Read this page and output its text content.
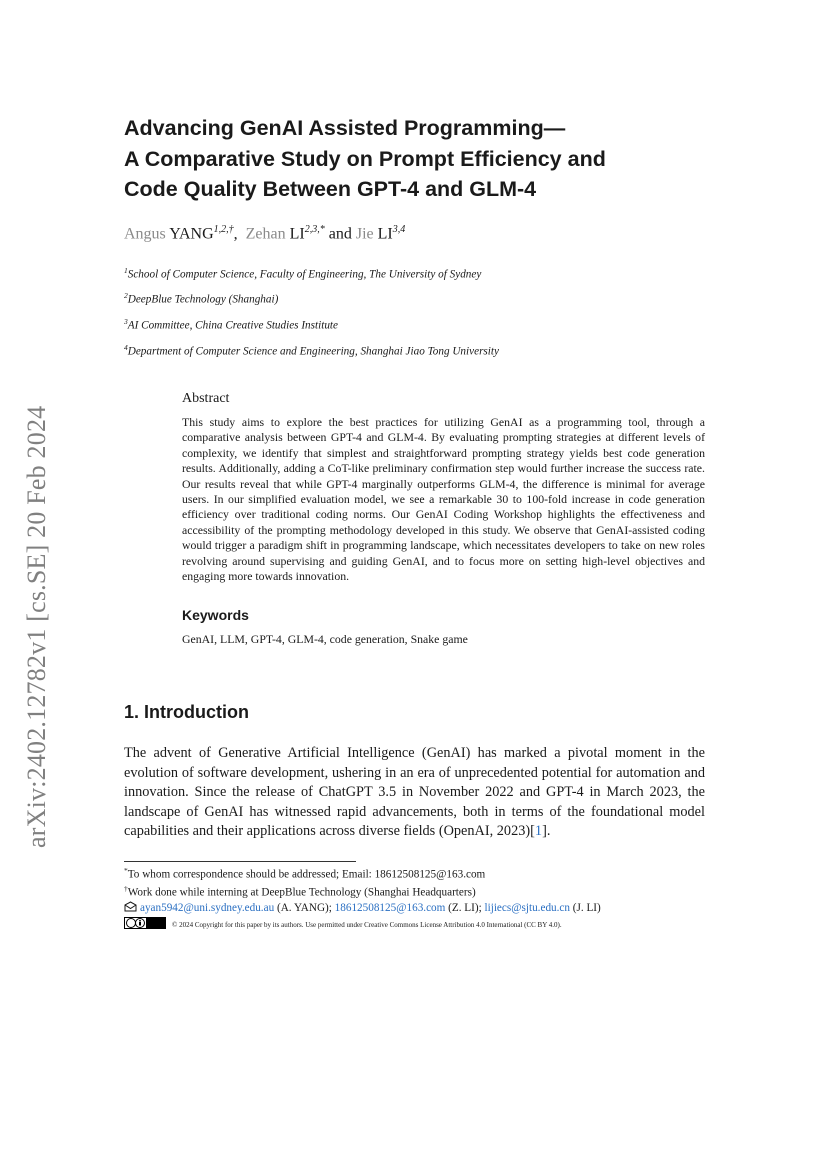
arXiv:2402.12782v1 [cs.SE] 20 Feb 2024
Advancing GenAI Assisted Programming—
A Comparative Study on Prompt Efficiency and
Code Quality Between GPT-4 and GLM-4
Angus $YANG^{1,2,\dagger}$, Zehan $LI^{2,3,*}$ and Jie LI$^{3,4}$
$^1$School of Computer Science, Faculty of Engineering, The University of Sydney
$^2$DeepBlue Technology (Shanghai)
$^3$AI Committee, China Creative Studies Institute
$^4$Department of Computer Science and Engineering, Shanghai Jiao Tong University
Abstract
This study aims to explore the best practices for utilizing GenAI as a programming tool, through a comparative analysis between GPT-4 and GLM-4. By evaluating prompting strategies at different levels of complexity, we identify that simplest and straightforward prompting strategy yields best code generation results. Additionally, adding a CoT-like preliminary confirmation step would further increase the success rate. Our results reveal that while GPT-4 marginally outperforms GLM-4, the difference is minimal for average users. In our simplified evaluation model, we see a remarkable 30 to 100-fold increase in code generation efficiency over traditional coding norms. Our GenAI Coding Workshop highlights the effectiveness and accessibility of the prompting methodology developed in this study. We observe that GenAI-assisted coding would trigger a paradigm shift in programming landscape, which necessitates developers to take on new roles revolving around supervising and guiding GenAI, and to focus more on setting high-level objectives and engaging more towards innovation.
Keywords
GenAI, LLM, GPT-4, GLM-4, code generation, Snake game
1. Introduction
The advent of Generative Artificial Intelligence (GenAI) has marked a pivotal moment in the evolution of software development, ushering in an era of unprecedented potential for automation and innovation. Since the release of ChatGPT 3.5 in November 2022 and GPT-4 in March 2023, the landscape of GenAI has witnessed rapid advancements, both in terms of the foundational model capabilities and their applications across diverse fields (OpenAI, 2023)[1].
*To whom correspondence should be addressed; Email: 18612508125@163.com
†Work done while interning at DeepBlue Technology (Shanghai Headquarters)
ayan5942@uni.sydney.edu.au (A. YANG); 18612508125@163.com (Z. LI); lijiecs@sjtu.edu.cn (J. LI)
© 2024 Copyright for this paper by its authors. Use permitted under Creative Commons License Attribution 4.0 International (CC BY 4.0).
